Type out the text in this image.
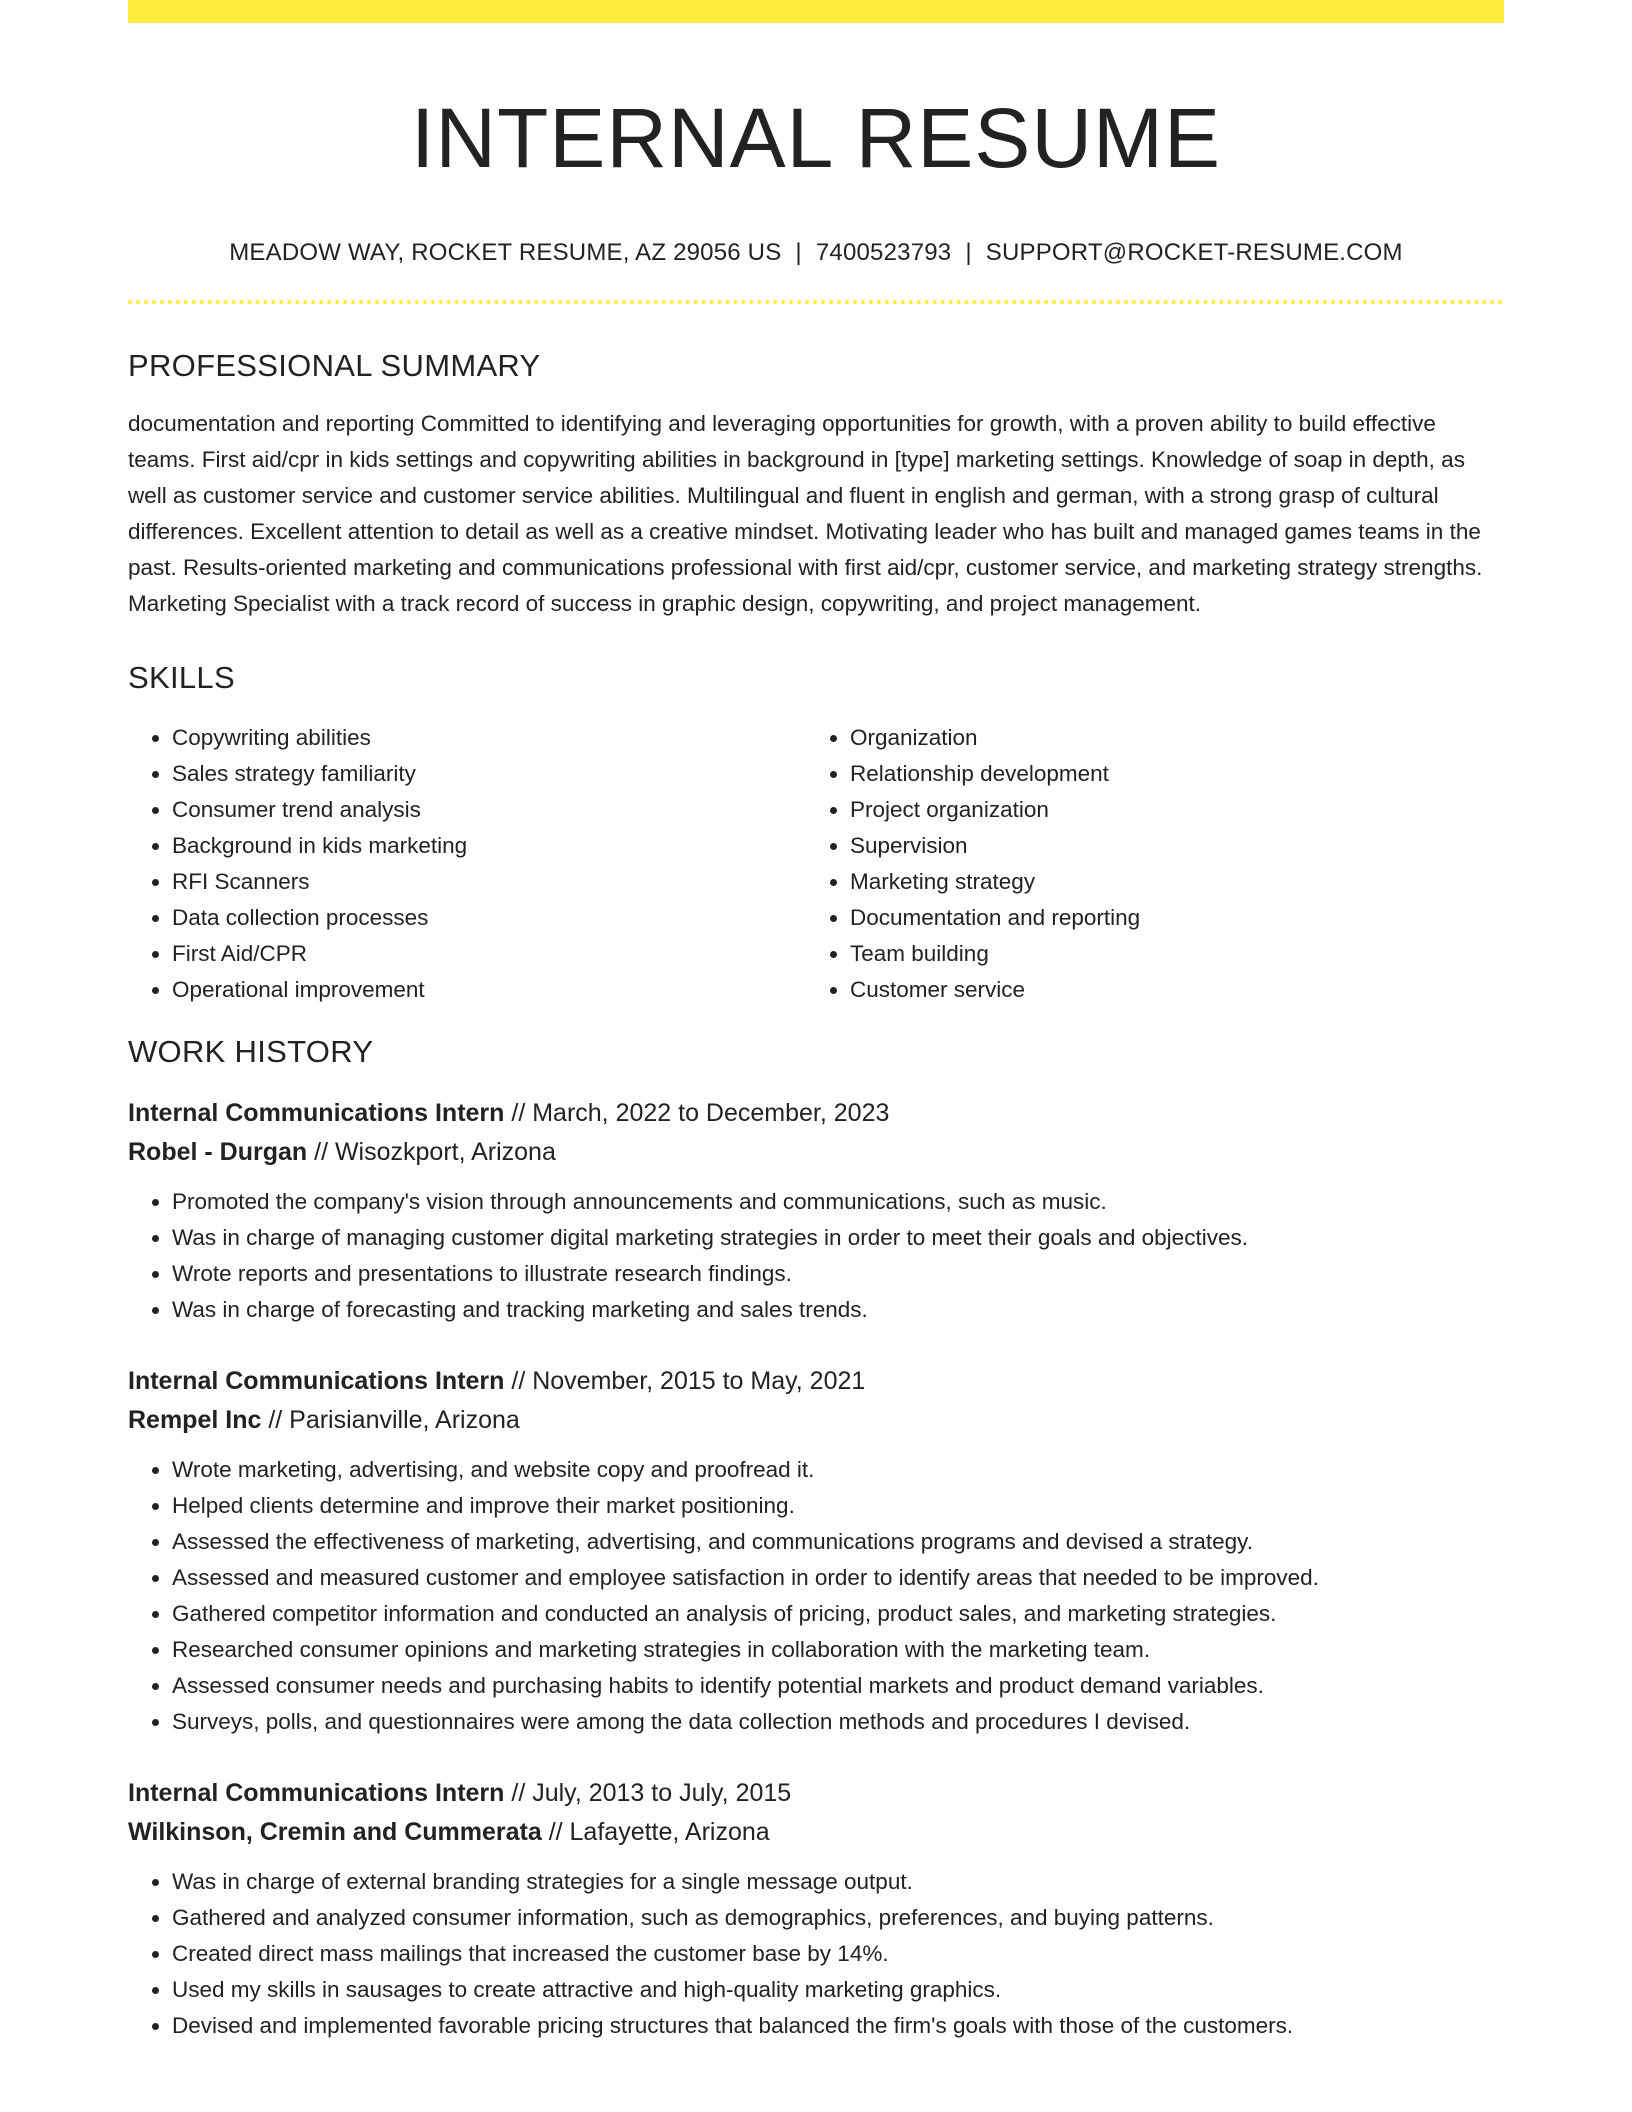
INTERNAL RESUME
MEADOW WAY, ROCKET RESUME, AZ 29056 US | 7400523793 | SUPPORT@ROCKET-RESUME.COM
PROFESSIONAL SUMMARY
documentation and reporting Committed to identifying and leveraging opportunities for growth, with a proven ability to build effective teams. First aid/cpr in kids settings and copywriting abilities in background in [type] marketing settings. Knowledge of soap in depth, as well as customer service and customer service abilities. Multilingual and fluent in english and german, with a strong grasp of cultural differences. Excellent attention to detail as well as a creative mindset. Motivating leader who has built and managed games teams in the past. Results-oriented marketing and communications professional with first aid/cpr, customer service, and marketing strategy strengths. Marketing Specialist with a track record of success in graphic design, copywriting, and project management.
SKILLS
• Copywriting abilities
• Sales strategy familiarity
• Consumer trend analysis
• Background in kids marketing
• RFI Scanners
• Data collection processes
• First Aid/CPR
• Operational improvement
• Organization
• Relationship development
• Project organization
• Supervision
• Marketing strategy
• Documentation and reporting
• Team building
• Customer service
WORK HISTORY
Internal Communications Intern // March, 2022 to December, 2023
Robel - Durgan // Wisozkport, Arizona
• Promoted the company's vision through announcements and communications, such as music.
• Was in charge of managing customer digital marketing strategies in order to meet their goals and objectives.
• Wrote reports and presentations to illustrate research findings.
• Was in charge of forecasting and tracking marketing and sales trends.
Internal Communications Intern // November, 2015 to May, 2021
Rempel Inc // Parisianville, Arizona
• Wrote marketing, advertising, and website copy and proofread it.
• Helped clients determine and improve their market positioning.
• Assessed the effectiveness of marketing, advertising, and communications programs and devised a strategy.
• Assessed and measured customer and employee satisfaction in order to identify areas that needed to be improved.
• Gathered competitor information and conducted an analysis of pricing, product sales, and marketing strategies.
• Researched consumer opinions and marketing strategies in collaboration with the marketing team.
• Assessed consumer needs and purchasing habits to identify potential markets and product demand variables.
• Surveys, polls, and questionnaires were among the data collection methods and procedures I devised.
Internal Communications Intern // July, 2013 to July, 2015
Wilkinson, Cremin and Cummerata // Lafayette, Arizona
• Was in charge of external branding strategies for a single message output.
• Gathered and analyzed consumer information, such as demographics, preferences, and buying patterns.
• Created direct mass mailings that increased the customer base by 14%.
• Used my skills in sausages to create attractive and high-quality marketing graphics.
• Devised and implemented favorable pricing structures that balanced the firm's goals with those of the customers.
